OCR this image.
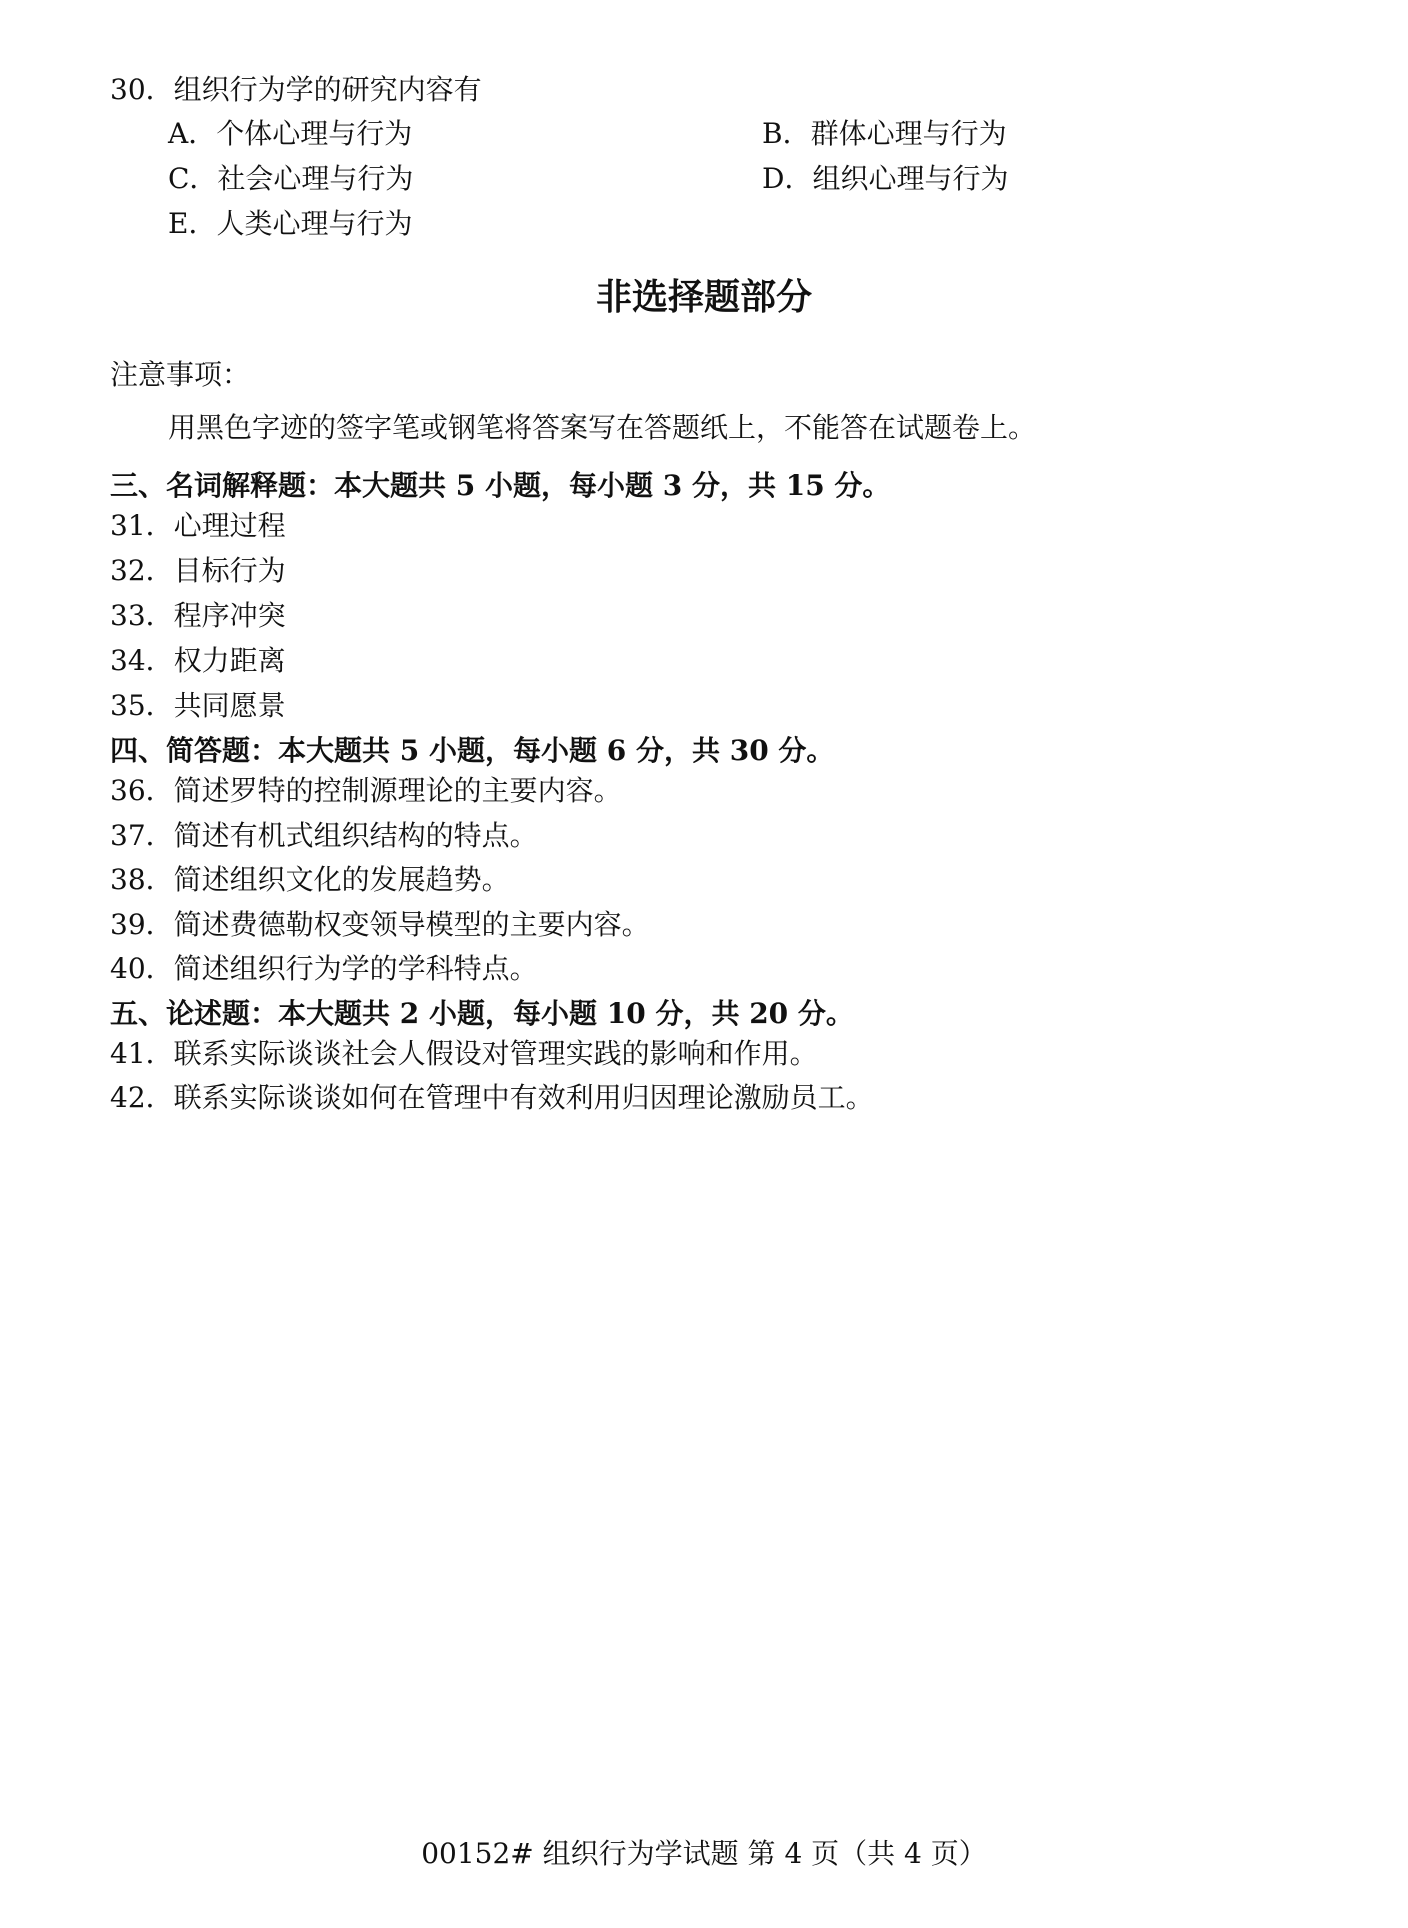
30．组织行为学的研究内容有
A．个体心理与行为	B．群体心理与行为
C．社会心理与行为	D．组织心理与行为
E．人类心理与行为
非选择题部分
注意事项：
用黑色字迹的签字笔或钢笔将答案写在答题纸上，不能答在试题卷上。
三、名词解释题：本大题共 5 小题，每小题 3 分，共 15 分。
31．心理过程
32．目标行为
33．程序冲突
34．权力距离
35．共同愿景
四、简答题：本大题共 5 小题，每小题 6 分，共 30 分。
36．简述罗特的控制源理论的主要内容。
37．简述有机式组织结构的特点。
38．简述组织文化的发展趋势。
39．简述费德勒权变领导模型的主要内容。
40．简述组织行为学的学科特点。
五、论述题：本大题共 2 小题，每小题 10 分，共 20 分。
41．联系实际谈谈社会人假设对管理实践的影响和作用。
42．联系实际谈谈如何在管理中有效利用归因理论激励员工。
00152# 组织行为学试题 第 4 页（共 4 页）
